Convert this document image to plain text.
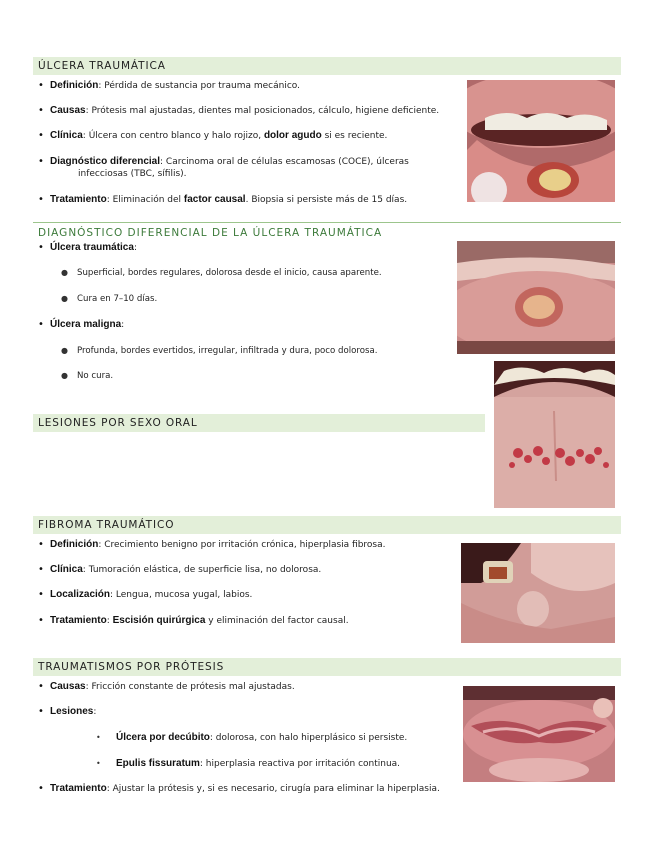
ÚLCERA TRAUMÁTICA
• Definición: Pérdida de sustancia por trauma mecánico.
• Causas: Prótesis mal ajustadas, dientes mal posicionados, cálculo, higiene deficiente.
• Clínica: Úlcera con centro blanco y halo rojizo, dolor agudo si es reciente.
• Diagnóstico diferencial: Carcinoma oral de células escamosas (COCE), úlceras
infecciosas (TBC, sífilis).
• Tratamiento: Eliminación del factor causal. Biopsia si persiste más de 15 días.
DIAGNÓSTICO DIFERENCIAL DE LA ÚLCERA TRAUMÁTICA
• Úlcera traumática:
● Superficial, bordes regulares, dolorosa desde el inicio, causa aparente.
● Cura en 7–10 días.
• Úlcera maligna:
● Profunda, bordes evertidos, irregular, infiltrada y dura, poco dolorosa.
● No cura.
LESIONES POR SEXO ORAL
FIBROMA TRAUMÁTICO
• Definición: Crecimiento benigno por irritación crónica, hiperplasia fibrosa.
• Clínica: Tumoración elástica, de superficie lisa, no dolorosa.
• Localización: Lengua, mucosa yugal, labios.
• Tratamiento: Escisión quirúrgica y eliminación del factor causal.
TRAUMATISMOS POR PRÓTESIS
• Causas: Fricción constante de prótesis mal ajustadas.
• Lesiones:
• Úlcera por decúbito: dolorosa, con halo hiperplásico si persiste.
• Epulis fissuratum: hiperplasia reactiva por irritación continua.
• Tratamiento: Ajustar la prótesis y, si es necesario, cirugía para eliminar la hiperplasia.
